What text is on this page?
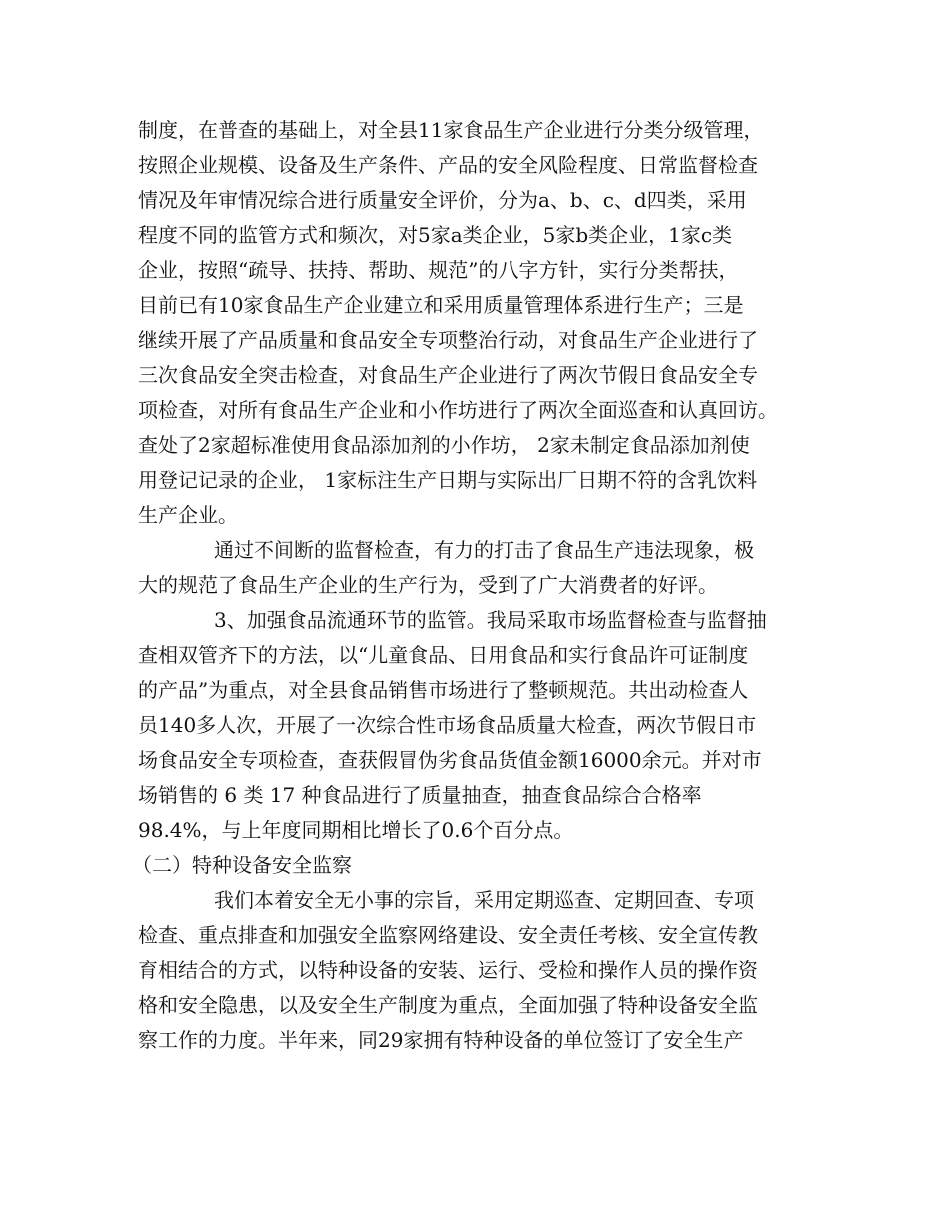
制度，在普查的基础上，对全县11家食品生产企业进行分类分级管理，
按照企业规模、设备及生产条件、产品的安全风险程度、日常监督检查
情况及年审情况综合进行质量安全评价，分为a、b、c、d四类，采用
程度不同的监管方式和频次，对5家a类企业，5家b类企业，1家c类
企业，按照“疏导、扶持、帮助、规范”的八字方针，实行分类帮扶，
目前已有10家食品生产企业建立和采用质量管理体系进行生产；三是
继续开展了产品质量和食品安全专项整治行动，对食品生产企业进行了
三次食品安全突击检查，对食品生产企业进行了两次节假日食品安全专
项检查，对所有食品生产企业和小作坊进行了两次全面巡查和认真回访。
查处了2家超标准使用食品添加剂的小作坊， 2家未制定食品添加剂使
用登记记录的企业， 1家标注生产日期与实际出厂日期不符的含乳饮料
生产企业。
通过不间断的监督检查，有力的打击了食品生产违法现象，极
大的规范了食品生产企业的生产行为，受到了广大消费者的好评。
3、加强食品流通环节的监管。我局采取市场监督检查与监督抽
查相双管齐下的方法，以“儿童食品、日用食品和实行食品许可证制度
的产品”为重点，对全县食品销售市场进行了整顿规范。共出动检查人
员140多人次，开展了一次综合性市场食品质量大检查，两次节假日市
场食品安全专项检查，查获假冒伪劣食品货值金额16000余元。并对市
场销售的 6 类 17 种食品进行了质量抽查，抽查食品综合合格率
98.4%，与上年度同期相比增长了0.6个百分点。
（二）特种设备安全监察
我们本着安全无小事的宗旨，采用定期巡查、定期回查、专项
检查、重点排查和加强安全监察网络建设、安全责任考核、安全宣传教
育相结合的方式，以特种设备的安装、运行、受检和操作人员的操作资
格和安全隐患，以及安全生产制度为重点，全面加强了特种设备安全监
察工作的力度。半年来，同29家拥有特种设备的单位签订了安全生产
